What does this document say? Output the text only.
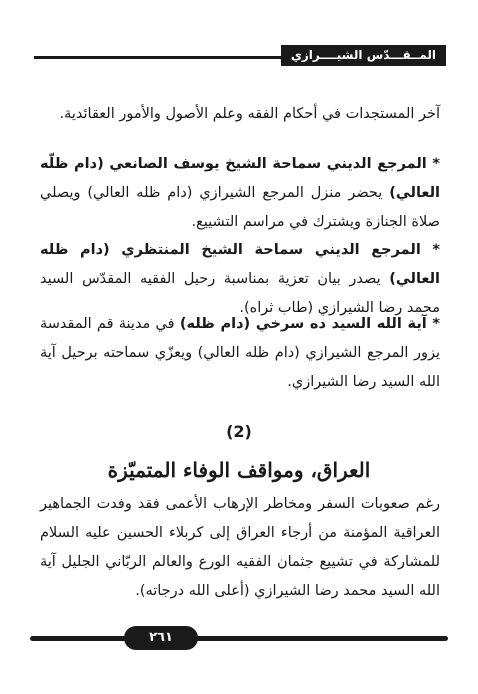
المــقـــدّس الشيــــرازي

آخر المستجدات في أحكام الفقه وعلم الأصول والأمور العقائدية.

* المرجع الديني سماحة الشيخ يوسف الصانعي (دام ظلّه العالي) يحضر منزل المرجع الشيرازي (دام ظله العالي) ويصلي صلاة الجنازة ويشترك في مراسم التشييع.

* المرجع الديني سماحة الشيخ المنتظري (دام ظله العالي) يصدر بيان تعزية بمناسبة رحيل الفقيه المقدّس السيد محمد رضا الشيرازي (طاب ثراه).

* آية الله السيد ده سرخي (دام ظله) في مدينة قم المقدسة يزور المرجع الشيرازي (دام ظله العالي) ويعزّي سماحته برحيل آية الله السيد رضا الشيرازي.

(2)
العراق، ومواقف الوفاء المتميّزة

رغم صعوبات السفر ومخاطر الإرهاب الأعمى فقد وفدت الجماهير العراقية المؤمنة من أرجاء العراق إلى كربلاء الحسين عليه السلام للمشاركة في تشييع جثمان الفقيه الورع والعالم الربّاني الجليل آية الله السيد محمد رضا الشيرازي (أعلى الله درجاته).

٢٦١
